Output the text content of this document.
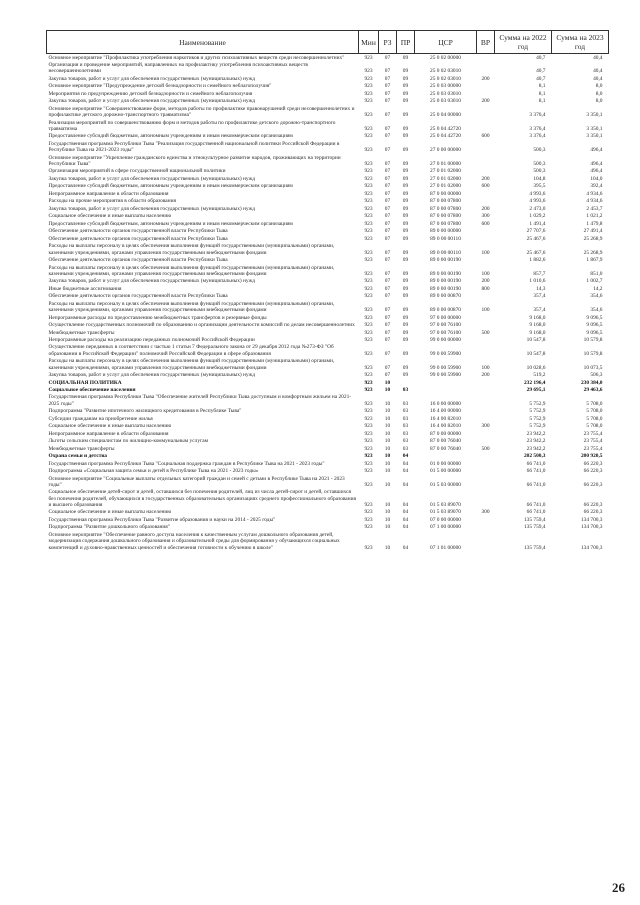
Наименование	Мин	РЗ	ПР	ЦСР	ВР	Сумма на 2022 год	Сумма на 2023 год
Основное мероприятие "Профилактика употребления наркотиков и других психоактивных веществ среди несовершеннолетних"	923	07	09	25 0 02 00000		40,7	40,4
Организация и проведение мероприятий, направленных на профилактику употребления психоактивных веществ несовершеннолетними	923	07	09	25 0 02 03010		40,7	40,4
Закупка товаров, работ и услуг для обеспечения государственных (муниципальных) нужд	923	07	09	25 0 02 03010	200	40,7	40,4
Основное мероприятие "Предупреждение детской безнадзорности и семейного неблагополучия"	923	07	09	25 0 03 00000		8,1	8,0
Мероприятия по предупреждению детской безнадзорности и семейного неблагополучия	923	07	09	25 0 03 03010		8,1	8,0
Закупка товаров, работ и услуг для обеспечения государственных (муниципальных) нужд	923	07	09	25 0 03 03010	200	8,1	8,0
Основное мероприятие "Совершенствование форм, методов работы по профилактике правонарушений среди несовершеннолетних и профилактике детского дорожно-транспортного травматизма"	923	07	09	25 0 04 00000		3 376,4	3 350,1
Реализация мероприятий по совершенствованию форм и методов работы по профилактике детского дорожно-транспортного травматизма	923	07	09	25 0 04 42720		3 376,4	3 350,1
Предоставление субсидий бюджетным, автономным учреждениям и иным некоммерческим организациям	923	07	09	25 0 04 42720	600	3 376,4	3 350,1
Государственная программа Республики Тыва "Реализация государственной национальной политики Российской Федерации в Республике Тыва на 2021-2023 годы"	923	07	09	27 0 00 00000		500,3	496,4
Основное мероприятие "Укрепление гражданского единства и этнокультурное развитие народов, проживающих на территории Республики Тыва"	923	07	09	27 0 01 00000		500,3	496,4
Организация мероприятий в сфере государственной национальной политики	923	07	09	27 0 01 02000		500,3	496,4
Закупка товаров, работ и услуг для обеспечения государственных (муниципальных) нужд	923	07	09	27 0 01 02000	200	104,8	104,0
Предоставление субсидий бюджетным, автономным учреждениям и иным некоммерческим организациям	923	07	09	27 0 01 02000	600	395,5	392,4
Непрограммное направление в области образования	923	07	09	87 0 00 00000		4 993,6	4 934,6
Расходы на прочие мероприятия в области образования	923	07	09	87 0 00 07800		4 993,6	4 934,6
Закупка товаров, работ и услуг для обеспечения государственных (муниципальных) нужд	923	07	09	87 0 00 07800	200	2 473,0	2 453,7
Социальное обеспечение и иные выплаты населению	923	07	09	87 0 00 07800	300	1 029,2	1 021,2
Предоставление субсидий бюджетным, автономным учреждениям и иным некоммерческим организациям	923	07	09	87 0 00 07800	600	1 491,4	1 479,8
Обеспечение деятельности органов государственной власти Республики Тыва	923	07	09	89 0 00 00000		27 707,6	27 491,4
Обеспечение деятельности органов государственной власти Республики Тыва	923	07	09	89 0 00 00110		25 467,6	25 268,9
Расходы на выплаты персоналу в целях обеспечения выполнения функций государственными (муниципальными) органами, казенными учреждениями, органами управления государственными внебюджетными фондами	923	07	09	89 0 00 00110	100	25 467,6	25 268,9
Обеспечение деятельности органов государственной власти Республики Тыва	923	07	09	89 0 00 00190		1 882,6	1 867,9
Расходы на выплаты персоналу в целях обеспечения выполнения функций государственными (муниципальными) органами, казенными учреждениями, органами управления государственными внебюджетными фондами	923	07	09	89 0 00 00190	100	857,7	851,0
Закупка товаров, работ и услуг для обеспечения государственных (муниципальных) нужд	923	07	09	89 0 00 00190	200	1 010,6	1 002,7
Иные бюджетные ассигнования	923	07	09	89 0 00 00190	800	14,3	14,2
Обеспечение деятельности органов государственной власти Республики Тыва	923	07	09	89 0 00 00870		357,4	354,6
Расходы на выплаты персоналу в целях обеспечения выполнения функций государственными (муниципальными) органами, казенными учреждениями, органами управления государственными внебюджетными фондами	923	07	09	89 0 00 00870	100	357,4	354,6
Непрограммные расходы по предоставлению межбюджетных трансфертов и резервные фонды	923	07	09	97 0 00 00000		9 168,0	9 096,5
Осуществление государственных полномочий по образованию и организации деятельности комиссий по делам несовершеннолетних	923	07	09	97 0 00 76100		9 168,0	9 096,5
Межбюджетные трансферты	923	07	09	97 0 00 76100	500	9 168,0	9 096,5
Непрограммные расходы на реализацию переданных полномочий Российской Федерации	923	07	09	99 0 00 00000		10 547,8	10 579,8
Осуществление переданных в соответствии с частью 1 статьи 7 Федерального закона от 29 декабря 2012 года №273-ФЗ "Об образовании в Российской Федерации" полномочий Российской Федерации в сфере образования	923	07	09	99 0 00 59900		10 547,8	10 579,8
Расходы на выплаты персоналу в целях обеспечения выполнения функций государственными (муниципальными) органами, казенными учреждениями, органами управления государственными внебюджетными фондами	923	07	09	99 0 00 59900	100	10 028,6	10 073,5
Закупка товаров, работ и услуг для обеспечения государственных (муниципальных) нужд	923	07	09	99 0 00 59900	200	519,2	506,3
СОЦИАЛЬНАЯ ПОЛИТИКА	923	10				232 196,4	230 384,0
Социальное обеспечение населения	923	10	03			29 695,1	29 463,6
Государственная программа Республики Тыва "Обеспечение жителей Республики Тыва доступным и комфортным жильем на 2021-2025 годы"	923	10	03	16 0 00 00000		5 752,9	5 708,0
Подпрограмма "Развитие ипотечного жилищного кредитования в Республике Тыва"	923	10	03	16 4 00 00000		5 752,9	5 708,0
Субсидии гражданам на приобретение жилья	923	10	03	16 4 00 82010		5 752,9	5 708,0
Социальное обеспечение и иные выплаты населению	923	10	03	16 4 00 82010	300	5 752,9	5 708,0
Непрограммное направление в области образования	923	10	03	87 0 00 00000		23 942,2	23 755,4
Льготы сельским специалистам по жилищно-коммунальным услугам	923	10	03	87 0 00 76040		23 942,2	23 755,4
Межбюджетные трансферты	923	10	03	87 0 00 76040	500	23 942,2	23 755,4
Охрана семьи и детства	923	10	04			202 500,3	200 920,5
Государственная программа Республики Тыва "Социальная поддержка граждан в Республике Тыва на 2021 - 2023 годы"	923	10	04	01 0 00 00000		66 741,0	66 220,3
Подпрограмма «Социальная защита семьи и детей в Республике Тыва на 2021 - 2023 годы»	923	10	04	01 5 00 00000		66 741,0	66 220,3
Основное мероприятие "Социальные выплаты отдельных категорий граждан и семей с детьми в Республике Тыва на 2021 - 2023 годы"	923	10	04	01 5 03 00000		66 741,0	66 220,3
Социальное обеспечение детей-сирот и детей, оставшихся без попечения родителей, лиц из числа детей-сирот и детей, оставшихся без попечения родителей, обучающихся в государственных образовательных организациях среднего профессионального образования и высшего образования	923	10	04	01 5 03 89070		66 741,0	66 220,3
Социальное обеспечение и иные выплаты населению	923	10	04	01 5 03 89070	300	66 741,0	66 220,3
Государственная программа Республики Тыва "Развитие образования и науки на 2014 - 2025 годы"	923	10	04	07 0 00 00000		135 759,4	134 700,3
Подпрограмма "Развитие дошкольного образования"	923	10	04	07 1 00 00000		135 759,4	134 700,3
Основное мероприятие "Обеспечение равного доступа населения к качественным услугам дошкольного образования детей, модернизация содержания дошкольного образования и образовательной среды для формирования у обучающихся социальных компетенций и духовно-нравственных ценностей и обеспечения готовности к обучению в школе"	923	10	04	07 1 01 00000		135 759,4	134 700,3
26
